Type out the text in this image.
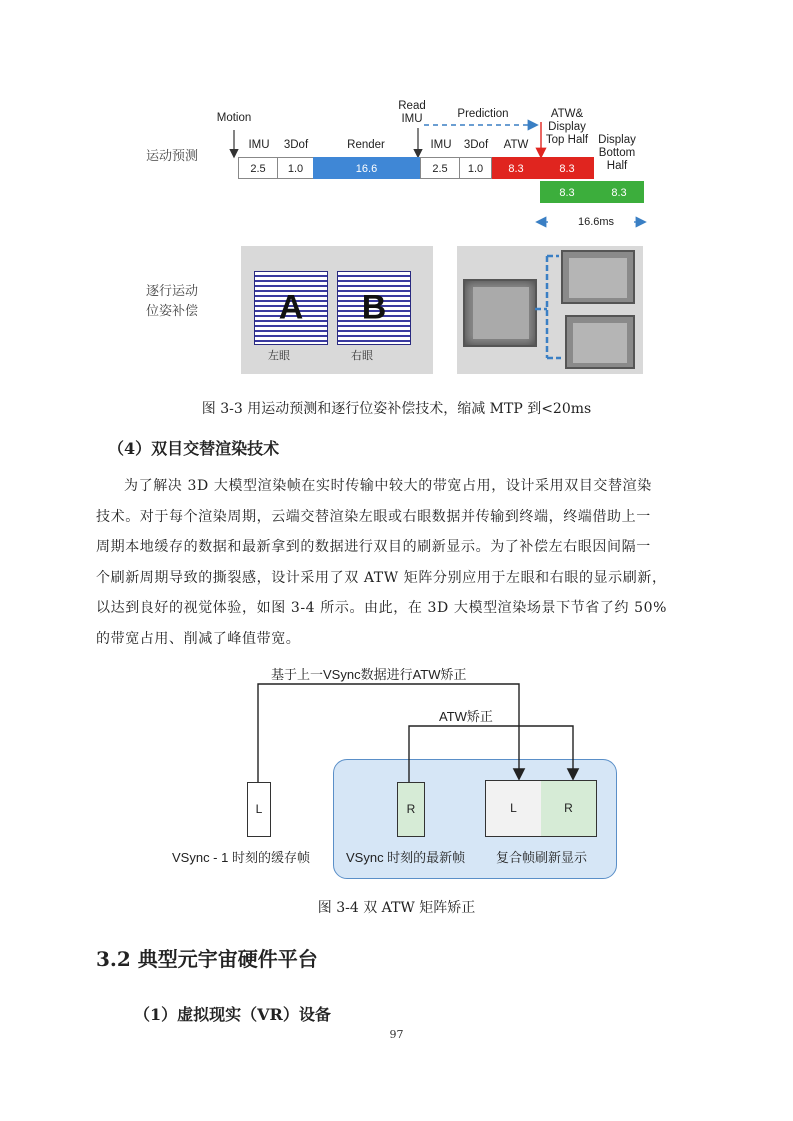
运动预测
Motion
Read
IMU	Prediction	ATW&
Display
Top Half Display
Bottom
Half
IMU	3Dof	Render	IMU	3Dof	ATW
2.5	1.0	16.6	2.5	1.0	8.3	8.3
8.3	8.3
16.6ms
逐行运动
位姿补偿	A	B
左眼	右眼
图 3-3 用运动预测和逐行位姿补偿技术，缩减 MTP 到<20ms
（4）双目交替渲染技术
为了解决 3D 大模型渲染帧在实时传输中较大的带宽占用，设计采用双目交替渲染
技术。对于每个渲染周期，云端交替渲染左眼或右眼数据并传输到终端，终端借助上一
周期本地缓存的数据和最新拿到的数据进行双目的刷新显示。为了补偿左右眼因间隔一
个刷新周期导致的撕裂感，设计采用了双 ATW 矩阵分别应用于左眼和右眼的显示刷新，
以达到良好的视觉体验，如图 3-4 所示。由此，在 3D 大模型渲染场景下节省了约 50%
的带宽占用、削减了峰值带宽。
基于上一VSync数据进行ATW矫正
ATW矫正
L	R	L	R
VSync - 1 时刻的缓存帧	VSync 时刻的最新帧 复合帧刷新显示
图 3-4 双 ATW 矩阵矫正
3.2 典型元宇宙硬件平台
（1）虚拟现实（VR）设备
97
